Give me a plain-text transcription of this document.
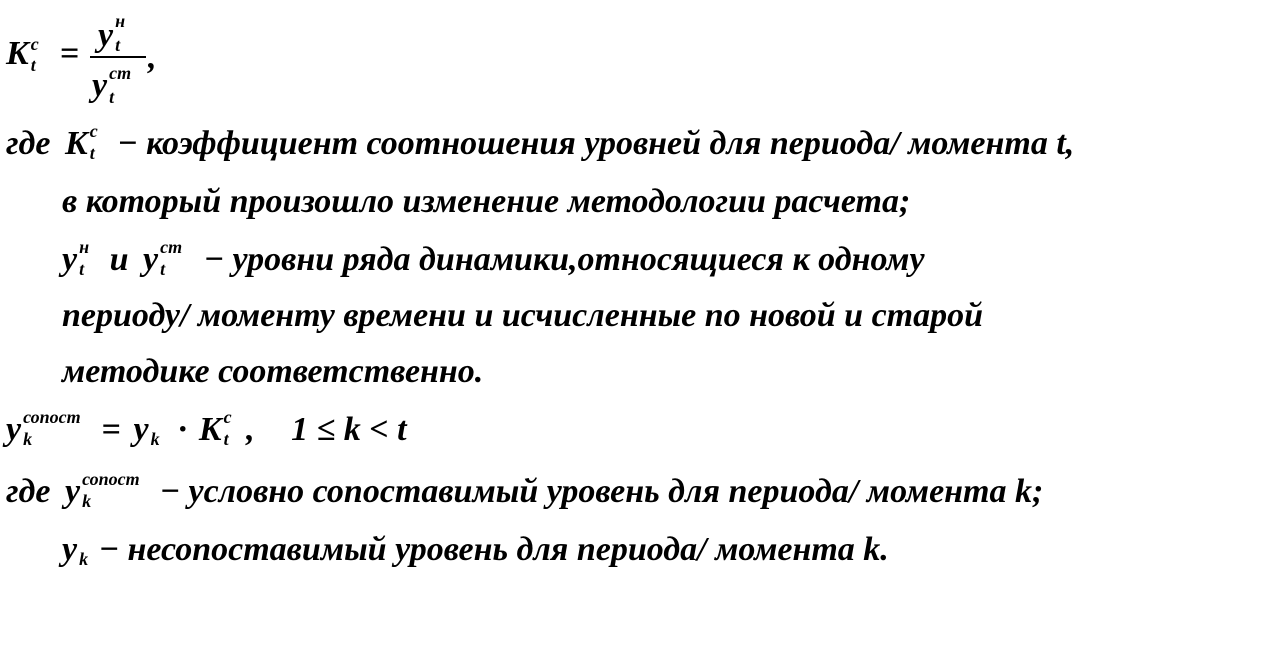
K c
t = y н
t
y ст
t
,
где K c
t − коэффициент соотношения уровней для периода/ момента t,
в который произошло изменение методологии расчета;
y н
t и y ст
t − уровни ряда динамики,относящиеся к одному
периоду/ моменту времени и исчисленные по новой и старой
методике соответственно.
y сопост
k = y k · K c
t , 1 ≤ k < t
где y сопост
k − условно сопоставимый уровень для периода/ момента k;
y k − несопоставимый уровень для периода/ момента k.
